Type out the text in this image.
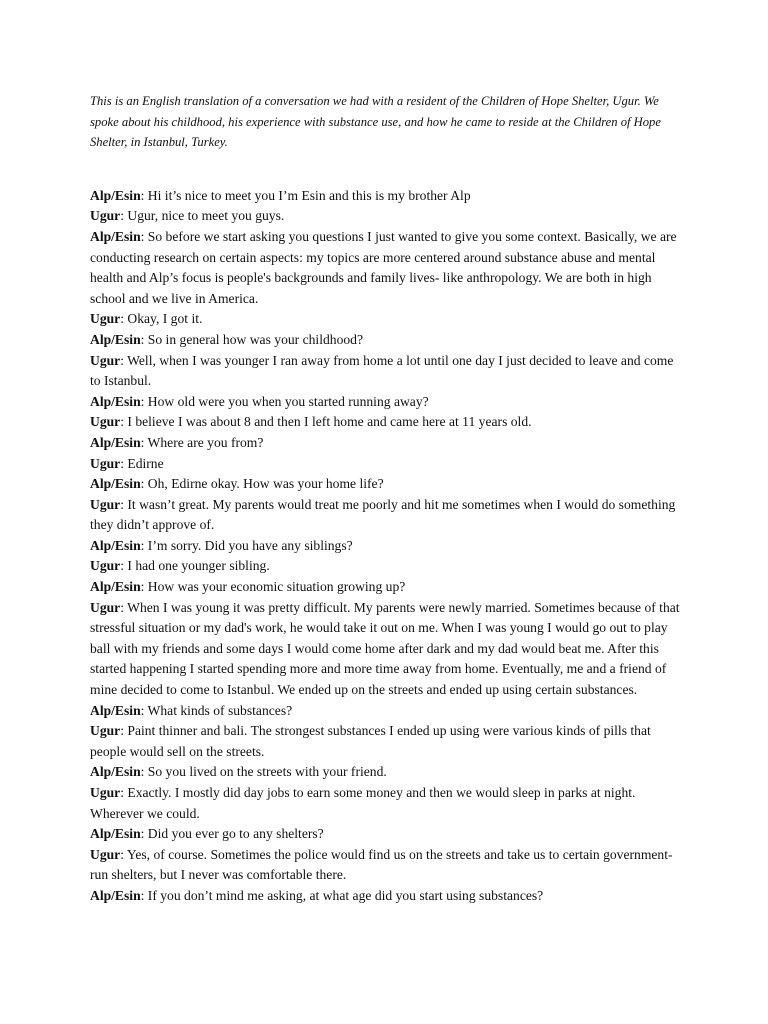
This is an English translation of a conversation we had with a resident of the Children of Hope Shelter, Ugur. We spoke about his childhood, his experience with substance use, and how he came to reside at the Children of Hope Shelter, in Istanbul, Turkey.

Alp/Esin: Hi it’s nice to meet you I’m Esin and this is my brother Alp

Ugur: Ugur, nice to meet you guys.

Alp/Esin: So before we start asking you questions I just wanted to give you some context. Basically, we are conducting research on certain aspects: my topics are more centered around substance abuse and mental health and Alp’s focus is people's backgrounds and family lives- like anthropology. We are both in high school and we live in America.

Ugur: Okay, I got it.

Alp/Esin: So in general how was your childhood?

Ugur: Well, when I was younger I ran away from home a lot until one day I just decided to leave and come to Istanbul.

Alp/Esin: How old were you when you started running away?

Ugur: I believe I was about 8 and then I left home and came here at 11 years old.

Alp/Esin: Where are you from?

Ugur: Edirne

Alp/Esin: Oh, Edirne okay. How was your home life?

Ugur: It wasn’t great. My parents would treat me poorly and hit me sometimes when I would do something they didn’t approve of.

Alp/Esin: I’m sorry. Did you have any siblings?

Ugur: I had one younger sibling.

Alp/Esin: How was your economic situation growing up?

Ugur: When I was young it was pretty difficult. My parents were newly married. Sometimes because of that stressful situation or my dad's work, he would take it out on me. When I was young I would go out to play ball with my friends and some days I would come home after dark and my dad would beat me. After this started happening I started spending more and more time away from home. Eventually, me and a friend of mine decided to come to Istanbul. We ended up on the streets and ended up using certain substances.

Alp/Esin: What kinds of substances?

Ugur: Paint thinner and bali. The strongest substances I ended up using were various kinds of pills that people would sell on the streets.

Alp/Esin: So you lived on the streets with your friend.

Ugur: Exactly. I mostly did day jobs to earn some money and then we would sleep in parks at night. Wherever we could.

Alp/Esin: Did you ever go to any shelters?

Ugur: Yes, of course. Sometimes the police would find us on the streets and take us to certain government-run shelters, but I never was comfortable there.

Alp/Esin: If you don’t mind me asking, at what age did you start using substances?
